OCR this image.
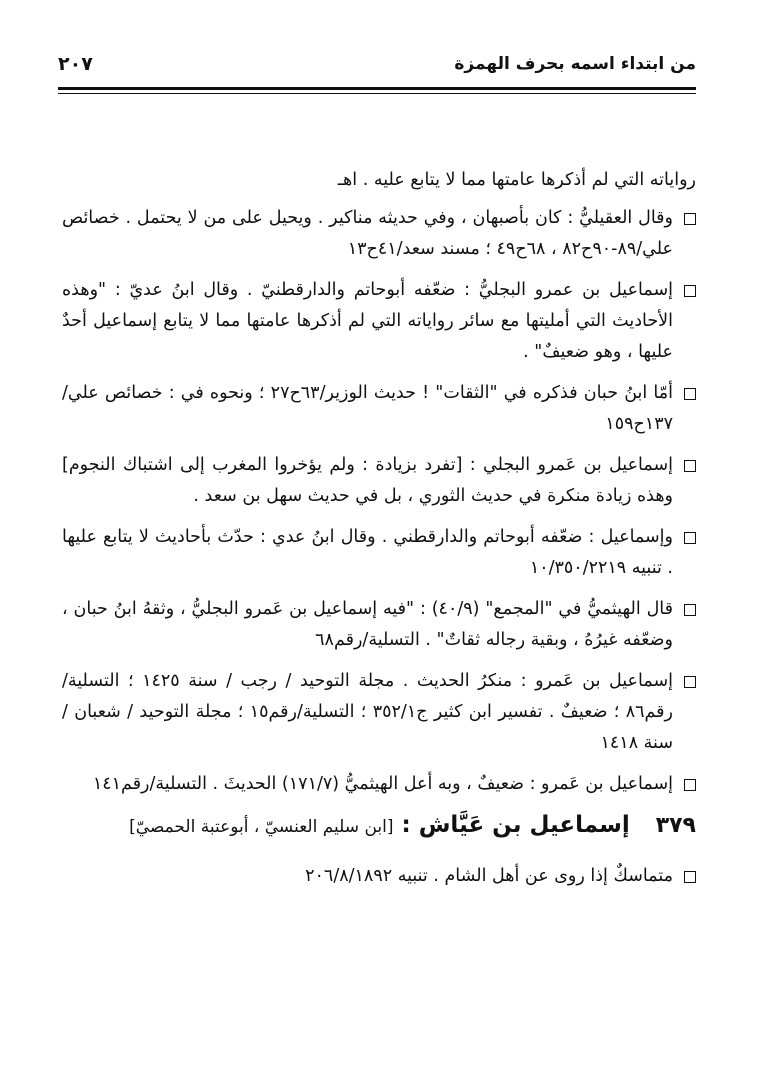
٢٠٧	من ابتداء اسمه بحرف الهمزة

رواياته التي لم أذكرها عامتها مما لا يتابع عليه . اهـ

وقال العقيليُّ : كان بأصبهان ، وفي حديثه مناكير . ويحيل على من لا يحتمل . خصائص علي/٨٩-٩٠ح٨٢ ، ٦٨ح٤٩ ؛ مسند سعد/٤١ح١٣
إسماعيل بن عمرو البجليُّ : ضعّفه أبوحاتم والدارقطنيّ . وقال ابنُ عديّ : "وهذه الأحاديث التي أمليتها مع سائر رواياته التي لم أذكرها عامتها مما لا يتابع إسماعيل أحدٌ عليها ، وهو ضعيفٌ" .
أمّا ابنُ حبان فذكره في "الثقات" ! حديث الوزير/٦٣ح٢٧ ؛ ونحوه في : خصائص علي/١٣٧ح١٥٩
إسماعيل بن عَمرو البجلي : [تفرد بزيادة : ولم يؤخروا المغرب إلى اشتباك النجوم] وهذه زيادة منكرة في حديث الثوري ، بل في حديث سهل بن سعد .
وإسماعيل : ضعّفه أبوحاتم والدارقطني . وقال ابنُ عدي : حدّث بأحاديث لا يتابع عليها . تنبيه ١٠/٣٥٠/٢٢١٩
قال الهيثميُّ في "المجمع" (٤٠/٩) : "فيه إسماعيل بن عَمرو البجليُّ ، وثقهُ ابنُ حبان ، وضعّفه غيرُهُ ، وبقية رجاله ثقاتٌ" . التسلية/رقم٦٨
إسماعيل بن عَمرو : منكرُ الحديث . مجلة التوحيد / رجب / سنة ١٤٢٥ ؛ التسلية/رقم٨٦ ؛ ضعيفٌ . تفسير ابن كثير ج٣٥٢/١ ؛ التسلية/رقم١٥ ؛ مجلة التوحيد / شعبان / سنة ١٤١٨
إسماعيل بن عَمرو : ضعيفٌ ، وبه أعل الهيثميُّ (١٧١/٧) الحديثَ . التسلية/رقم١٤١
٣٧٩
إسماعيل بن عَيَّاش :
[ابن سليم العنسيّ ، أبوعتبة الحمصيّ]
متماسكٌ إذا روى عن أهل الشام . تنبيه ٢٠٦/٨/١٨٩٢
